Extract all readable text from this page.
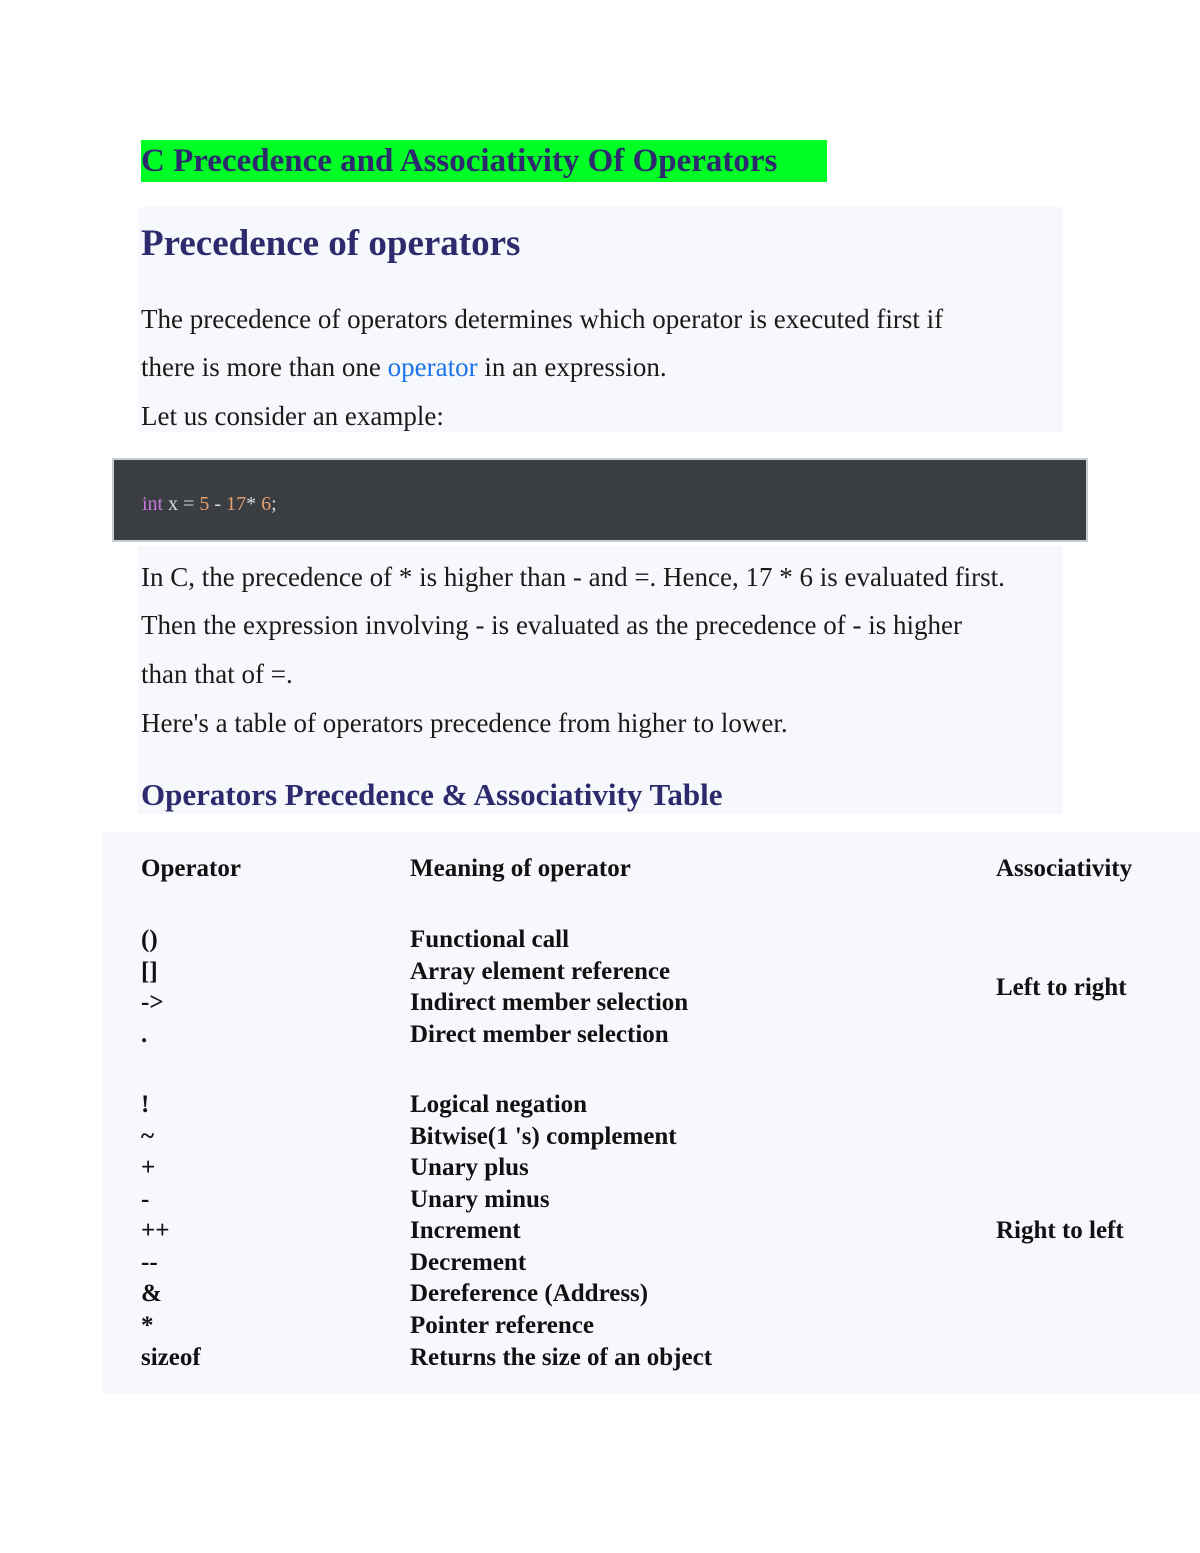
C Precedence and Associativity Of Operators
Precedence of operators
The precedence of operators determines which operator is executed first if
there is more than one operator in an expression.
Let us consider an example:
int x = 5 - 17* 6;
In C, the precedence of * is higher than - and =. Hence, 17 * 6 is evaluated first.
Then the expression involving - is evaluated as the precedence of - is higher
than that of =.
Here's a table of operators precedence from higher to lower.
Operators Precedence & Associativity Table
Operator	Meaning of operator	Associativity
()	Functional call
[]	Array element reference
->	Indirect member selection
.	Direct member selection
Left to right
!	Logical negation
~	Bitwise(1 's) complement
+	Unary plus
-	Unary minus
++	Increment
--	Decrement
&	Dereference (Address)
*	Pointer reference
sizeof	Returns the size of an object
Right to left
